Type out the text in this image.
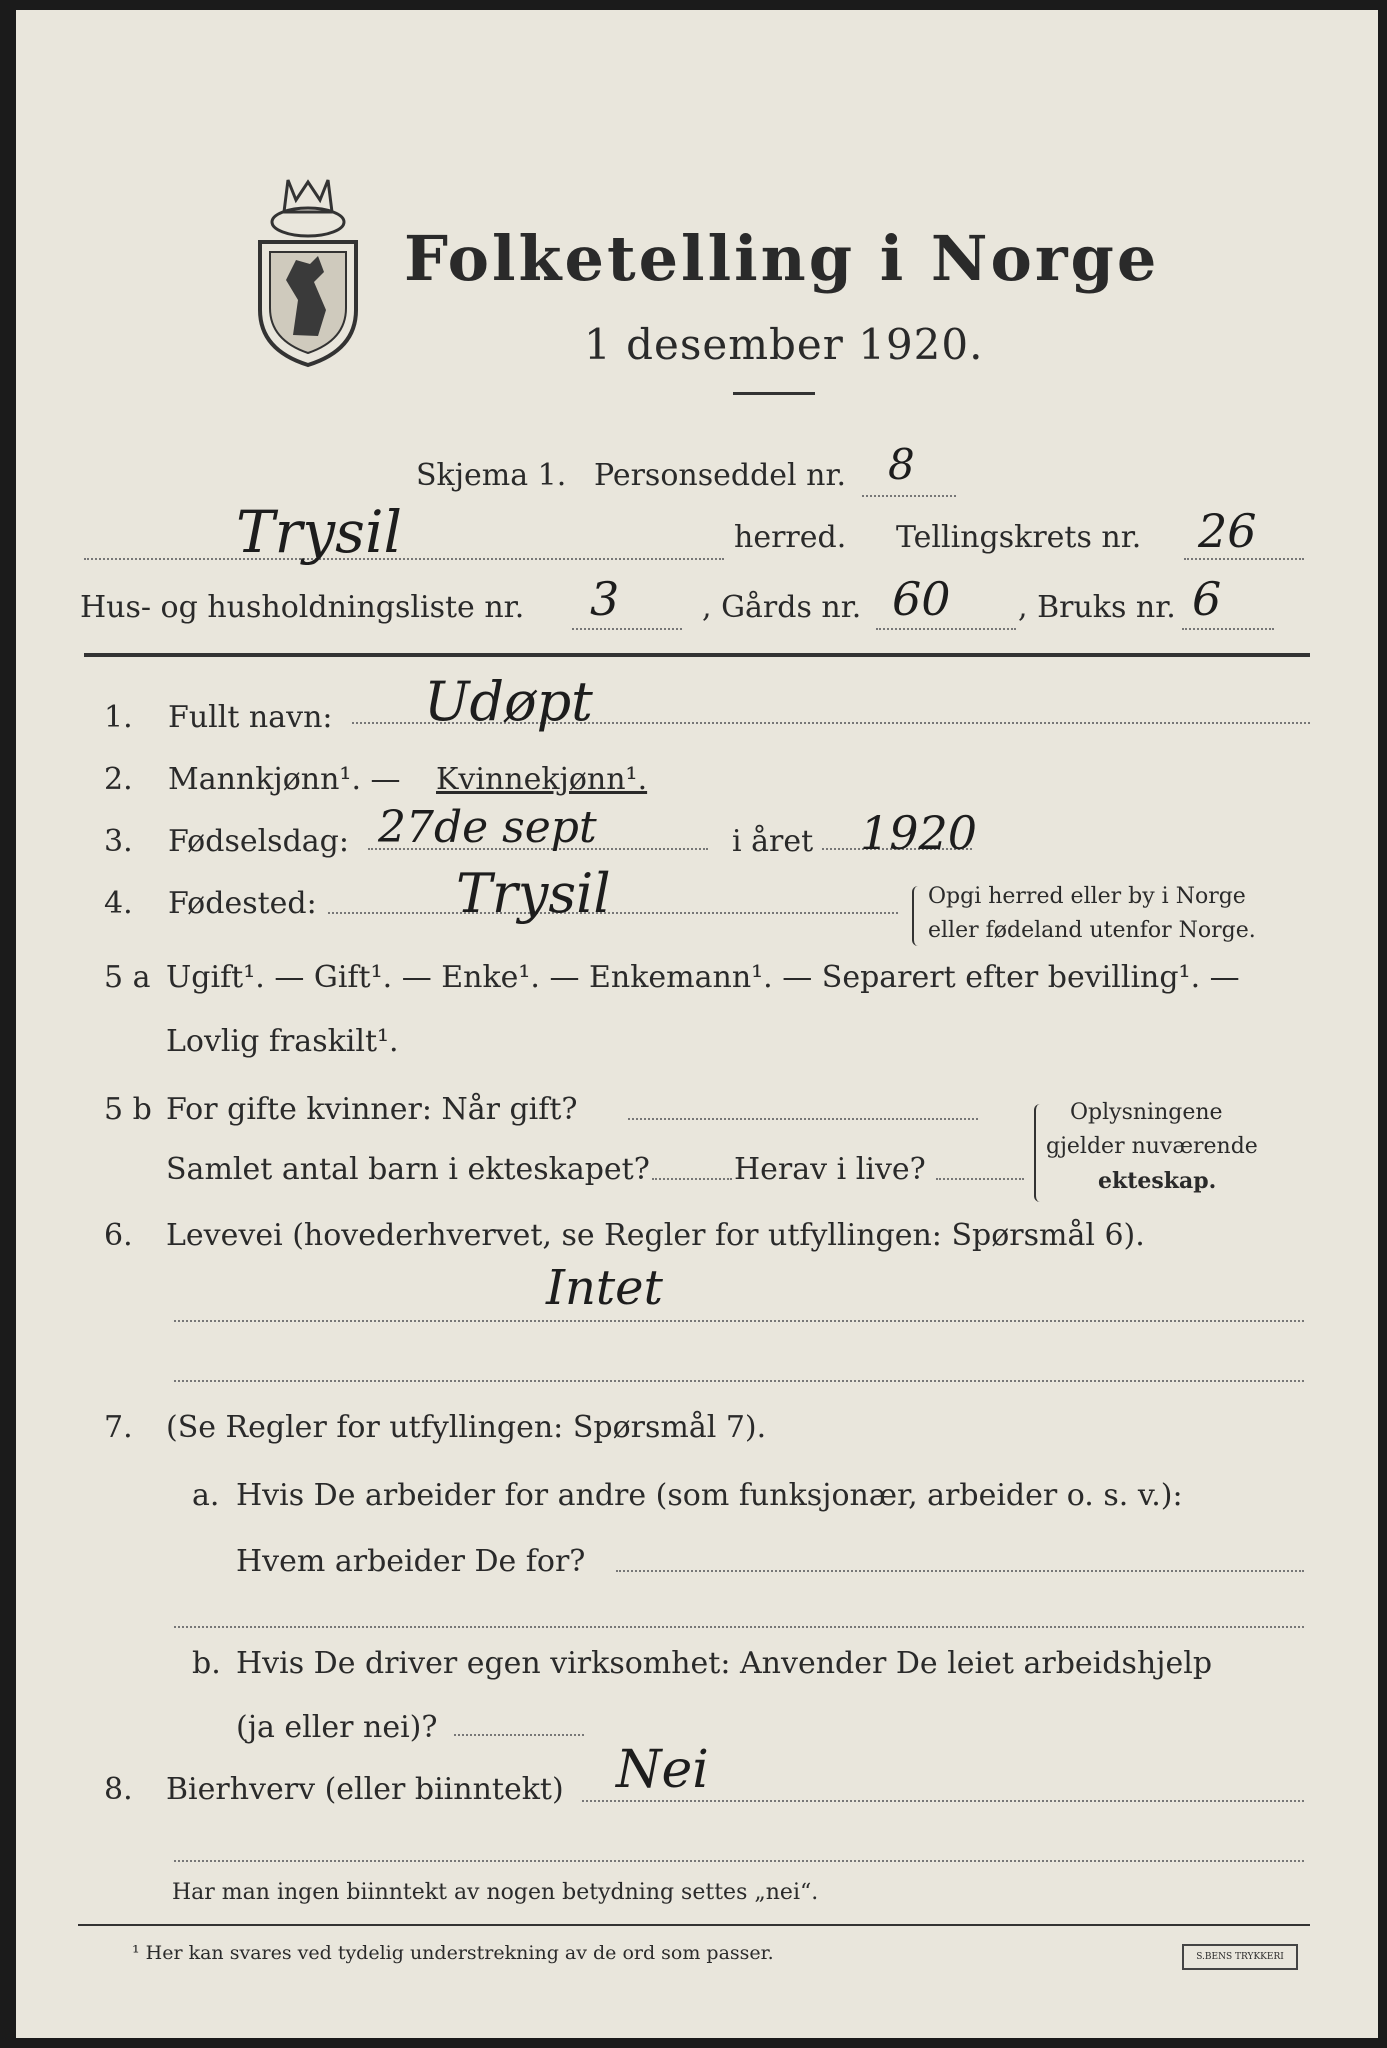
Folketelling i Norge
1 desember 1920.
Skjema 1. Personseddel nr. 8
Trysil	herred. Tellingskrets nr. 26
Hus- og husholdningsliste nr. 3	, Gårds nr. 60 , Bruks nr. 6
1. Fullt navn: Udøpt
2. Mannkjønn¹. — Kvinnekjønn¹.
3. Fødselsdag: 27de sept	i året 1920
4. Fødested:	Trysil	Opgi herred eller by i Norge
eller fødeland utenfor Norge.
5 a Ugift¹. — Gift¹. — Enke¹. — Enkemann¹. — Separert efter bevilling¹. —
Lovlig fraskilt¹.
5 b For gifte kvinner: Når gift?
Samlet antal barn i ekteskapet?	Herav i live?
Oplysningene
gjelder nuværende
ekteskap.
6. Levevei (hovederhvervet, se Regler for utfyllingen: Spørsmål 6).
Intet
7. (Se Regler for utfyllingen: Spørsmål 7).
a. Hvis De arbeider for andre (som funksjonær, arbeider o. s. v.):
Hvem arbeider De for?
b. Hvis De driver egen virksomhet: Anvender De leiet arbeidshjelp
(ja eller nei)?
8. Bierhverv (eller biinntekt) Nei
Har man ingen biinntekt av nogen betydning settes „nei“.
¹ Her kan svares ved tydelig understrekning av de ord som passer.	S.BENS TRYKKERI
